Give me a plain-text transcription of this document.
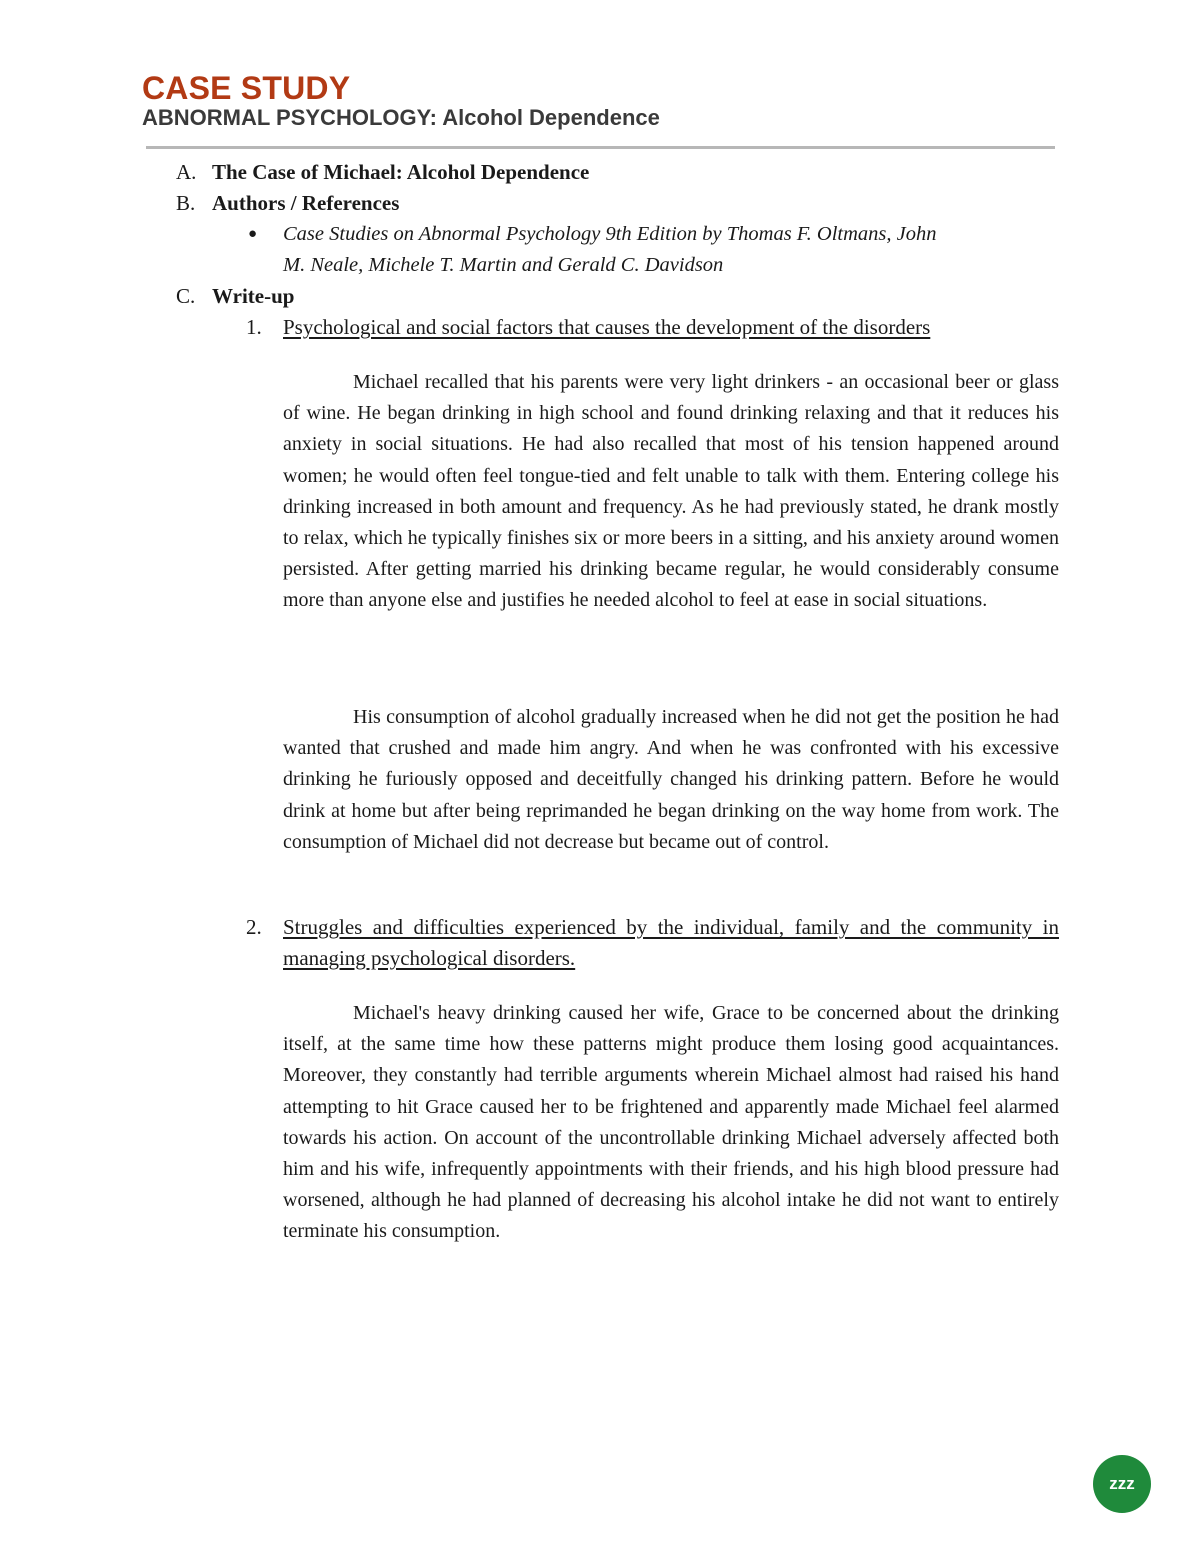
CASE STUDY
ABNORMAL PSYCHOLOGY: Alcohol Dependence
A. The Case of Michael: Alcohol Dependence
B. Authors / References
● Case Studies on Abnormal Psychology 9th Edition by Thomas F. Oltmans, John
M. Neale, Michele T. Martin and Gerald C. Davidson
C. Write-up
1. Psychological and social factors that causes the development of the disorders

Michael recalled that his parents were very light drinkers - an occasional beer or glass of wine. He began drinking in high school and found drinking relaxing and that it reduces his anxiety in social situations. He had also recalled that most of his tension happened around women; he would often feel tongue-tied and felt unable to talk with them. Entering college his drinking increased in both amount and frequency. As he had previously stated, he drank mostly to relax, which he typically finishes six or more beers in a sitting, and his anxiety around women persisted. After getting married his drinking became regular, he would considerably consume more than anyone else and justifies he needed alcohol to feel at ease in social situations.

His consumption of alcohol gradually increased when he did not get the position he had wanted that crushed and made him angry. And when he was confronted with his excessive drinking he furiously opposed and deceitfully changed his drinking pattern. Before he would drink at home but after being reprimanded he began drinking on the way home from work. The consumption of Michael did not decrease but became out of control.

2. Struggles and difficulties experienced by the individual, family and the community in managing psychological disorders.

Michael's heavy drinking caused her wife, Grace to be concerned about the drinking itself, at the same time how these patterns might produce them losing good acquaintances. Moreover, they constantly had terrible arguments wherein Michael almost had raised his hand attempting to hit Grace caused her to be frightened and apparently made Michael feel alarmed towards his action. On account of the uncontrollable drinking Michael adversely affected both him and his wife, infrequently appointments with their friends, and his high blood pressure had worsened, although he had planned of decreasing his alcohol intake he did not want to entirely terminate his consumption.

zzz
